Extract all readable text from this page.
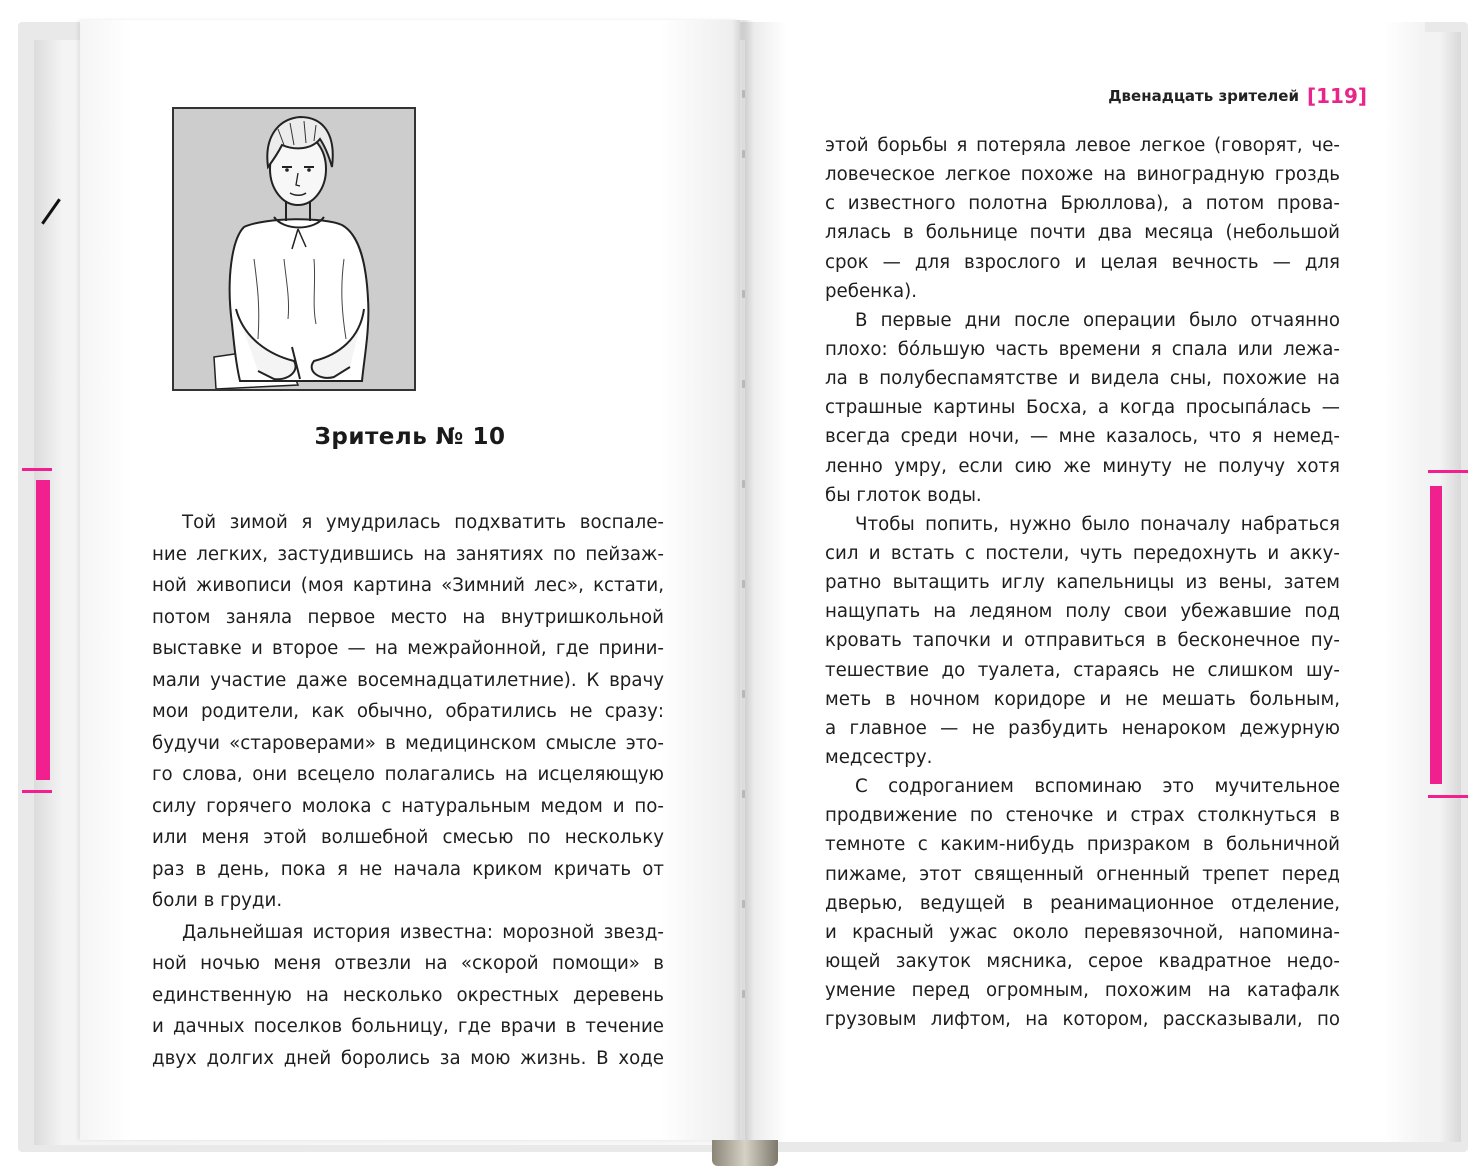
Зритель № 10
Той зимой я умудрилась подхватить воспале-
ние легких, застудившись на занятиях по пейзаж-
ной живописи (моя картина «Зимний лес», кстати,
потом заняла первое место на внутришкольной
выставке и второе — на межрайонной, где прини-
мали участие даже восемнадцатилетние). К врачу
мои родители, как обычно, обратились не сразу:
будучи «староверами» в медицинском смысле это-
го слова, они всецело полагались на исцеляющую
силу горячего молока с натуральным медом и по-
или меня этой волшебной смесью по нескольку
раз в день, пока я не начала криком кричать от
боли в груди.
Дальнейшая история известна: морозной звезд-
ной ночью меня отвезли на «скорой помощи» в
единственную на несколько окрестных деревень
и дачных поселков больницу, где врачи в течение
двух долгих дней боролись за мою жизнь. В ходе
Двенадцать зрителей [119]
этой борьбы я потеряла левое легкое (говорят, че-
ловеческое легкое похоже на виноградную гроздь
с известного полотна Брюллова), а потом прова-
лялась в больнице почти два месяца (небольшой
срок — для взрослого и целая вечность — для
ребенка).
В первые дни после операции было отчаянно
плохо: бóльшую часть времени я спала или лежа-
ла в полубеспамятстве и видела сны, похожие на
страшные картины Босха, а когда просыпáлась —
всегда среди ночи, — мне казалось, что я немед-
ленно умру, если сию же минуту не получу хотя
бы глоток воды.
Чтобы попить, нужно было поначалу набраться
сил и встать с постели, чуть передохнуть и акку-
ратно вытащить иглу капельницы из вены, затем
нащупать на ледяном полу свои убежавшие под
кровать тапочки и отправиться в бесконечное пу-
тешествие до туалета, стараясь не слишком шу-
меть в ночном коридоре и не мешать больным,
а главное — не разбудить ненароком дежурную
медсестру.
С содроганием вспоминаю это мучительное
продвижение по стеночке и страх столкнуться в
темноте с каким-нибудь призраком в больничной
пижаме, этот священный огненный трепет перед
дверью, ведущей в реанимационное отделение,
и красный ужас около перевязочной, напомина-
ющей закуток мясника, серое квадратное недо-
умение перед огромным, похожим на катафалк
грузовым лифтом, на котором, рассказывали, по
